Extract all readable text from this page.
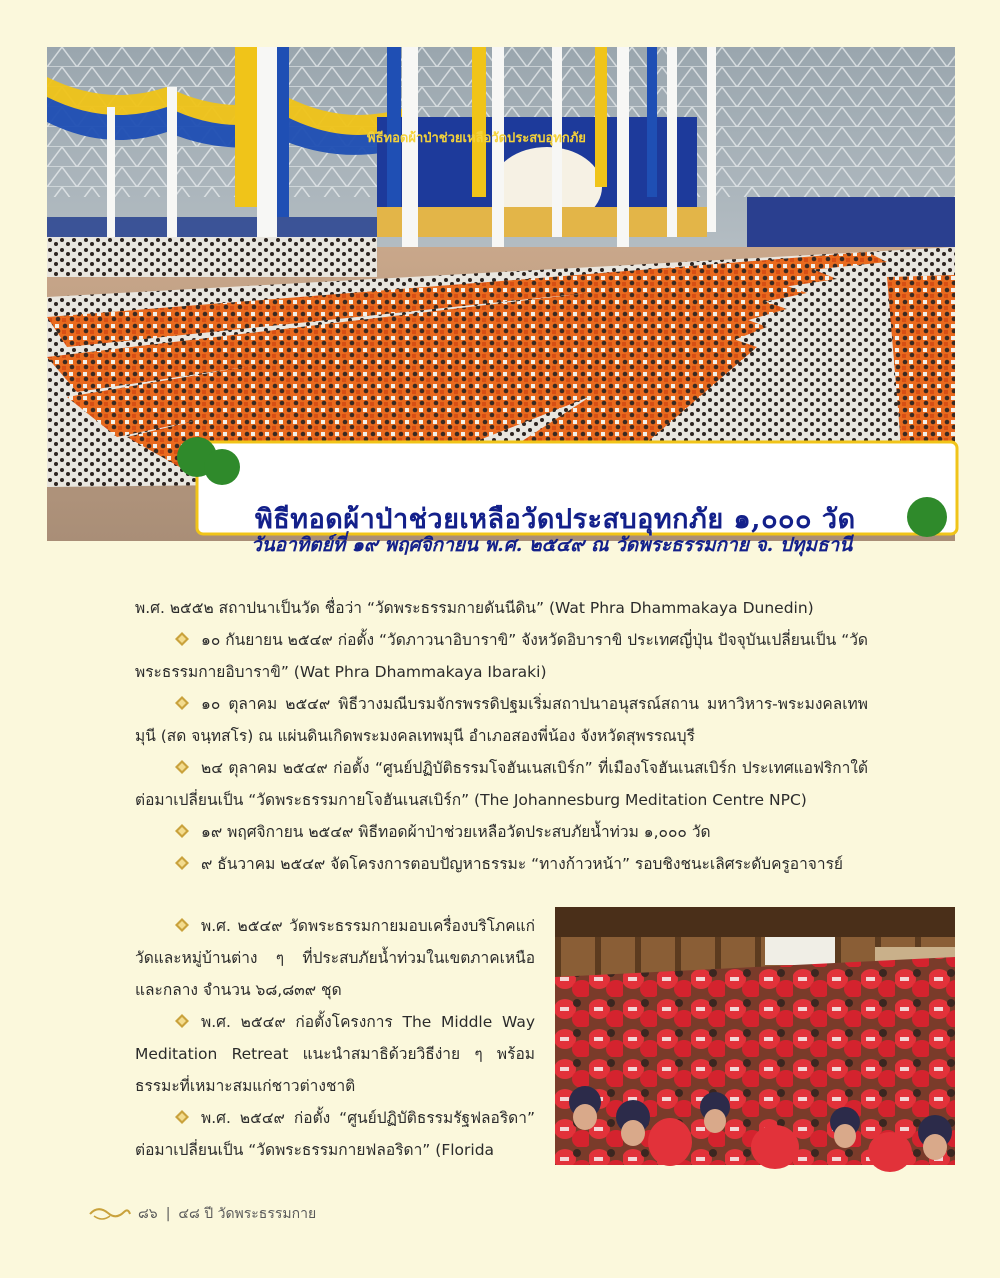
พิธีทอดผ้าป่าช่วยเหลือวัดประสบอุทกภัย
พิธีทอดผ้าป่าช่วยเหลือวัดประสบอุทกภัย ๑,๐๐๐ วัด
วันอาทิตย์ที่ ๑๙ พฤศจิกายน พ.ศ. ๒๕๔๙ ณ วัดพระธรรมกาย จ. ปทุมธานี

พ.ศ. ๒๕๕๒ สถาปนาเป็นวัด ชื่อว่า “วัดพระธรรมกายดันนีดิน” (Wat Phra Dhammakaya Dunedin)

๑๐ กันยายน ๒๕๔๙ ก่อตั้ง “วัดภาวนาอิบาราขิ” จังหวัดอิบาราขิ ประเทศญี่ปุ่น ปัจจุบันเปลี่ยนเป็น “วัดพระธรรมกายอิบาราขิ” (Wat Phra Dhammakaya Ibaraki)

๑๐ ตุลาคม ๒๕๔๙ พิธีวางมณีบรมจักรพรรดิปฐมเริ่มสถาปนาอนุสรณ์สถาน มหาวิหาร-พระมงคลเทพมุนี (สด จนฺทสโร) ณ แผ่นดินเกิดพระมงคลเทพมุนี อำเภอสองพี่น้อง จังหวัดสุพรรณบุรี

๒๔ ตุลาคม ๒๕๔๙ ก่อตั้ง “ศูนย์ปฏิบัติธรรมโจฮันเนสเบิร์ก” ที่เมืองโจฮันเนสเบิร์ก ประเทศแอฟริกาใต้ ต่อมาเปลี่ยนเป็น “วัดพระธรรมกายโจฮันเนสเบิร์ก” (The Johannesburg Meditation Centre NPC)

๑๙ พฤศจิกายน ๒๕๔๙ พิธีทอดผ้าป่าช่วยเหลือวัดประสบภัยน้ำท่วม ๑,๐๐๐ วัด

๙ ธันวาคม ๒๕๔๙ จัดโครงการตอบปัญหาธรรมะ “ทางก้าวหน้า” รอบชิงชนะเลิศระดับครูอาจารย์

พ.ศ. ๒๕๔๙ วัดพระธรรมกายมอบเครื่องบริโภคแก่วัดและหมู่บ้านต่าง ๆ ที่ประสบภัยน้ำท่วมในเขตภาคเหนือ และกลาง จำนวน ๖๘,๘๓๙ ชุด

พ.ศ. ๒๕๔๙ ก่อตั้งโครงการ The Middle Way Meditation Retreat แนะนำสมาธิด้วยวิธีง่าย ๆ พร้อมธรรมะที่เหมาะสมแก่ชาวต่างชาติ

พ.ศ. ๒๕๔๙ ก่อตั้ง “ศูนย์ปฏิบัติธรรมรัฐฟลอริดา” ต่อมาเปลี่ยนเป็น “วัดพระธรรมกายฟลอริดา” (Florida

๘๖ | ๔๘ ปี วัดพระธรรมกาย
